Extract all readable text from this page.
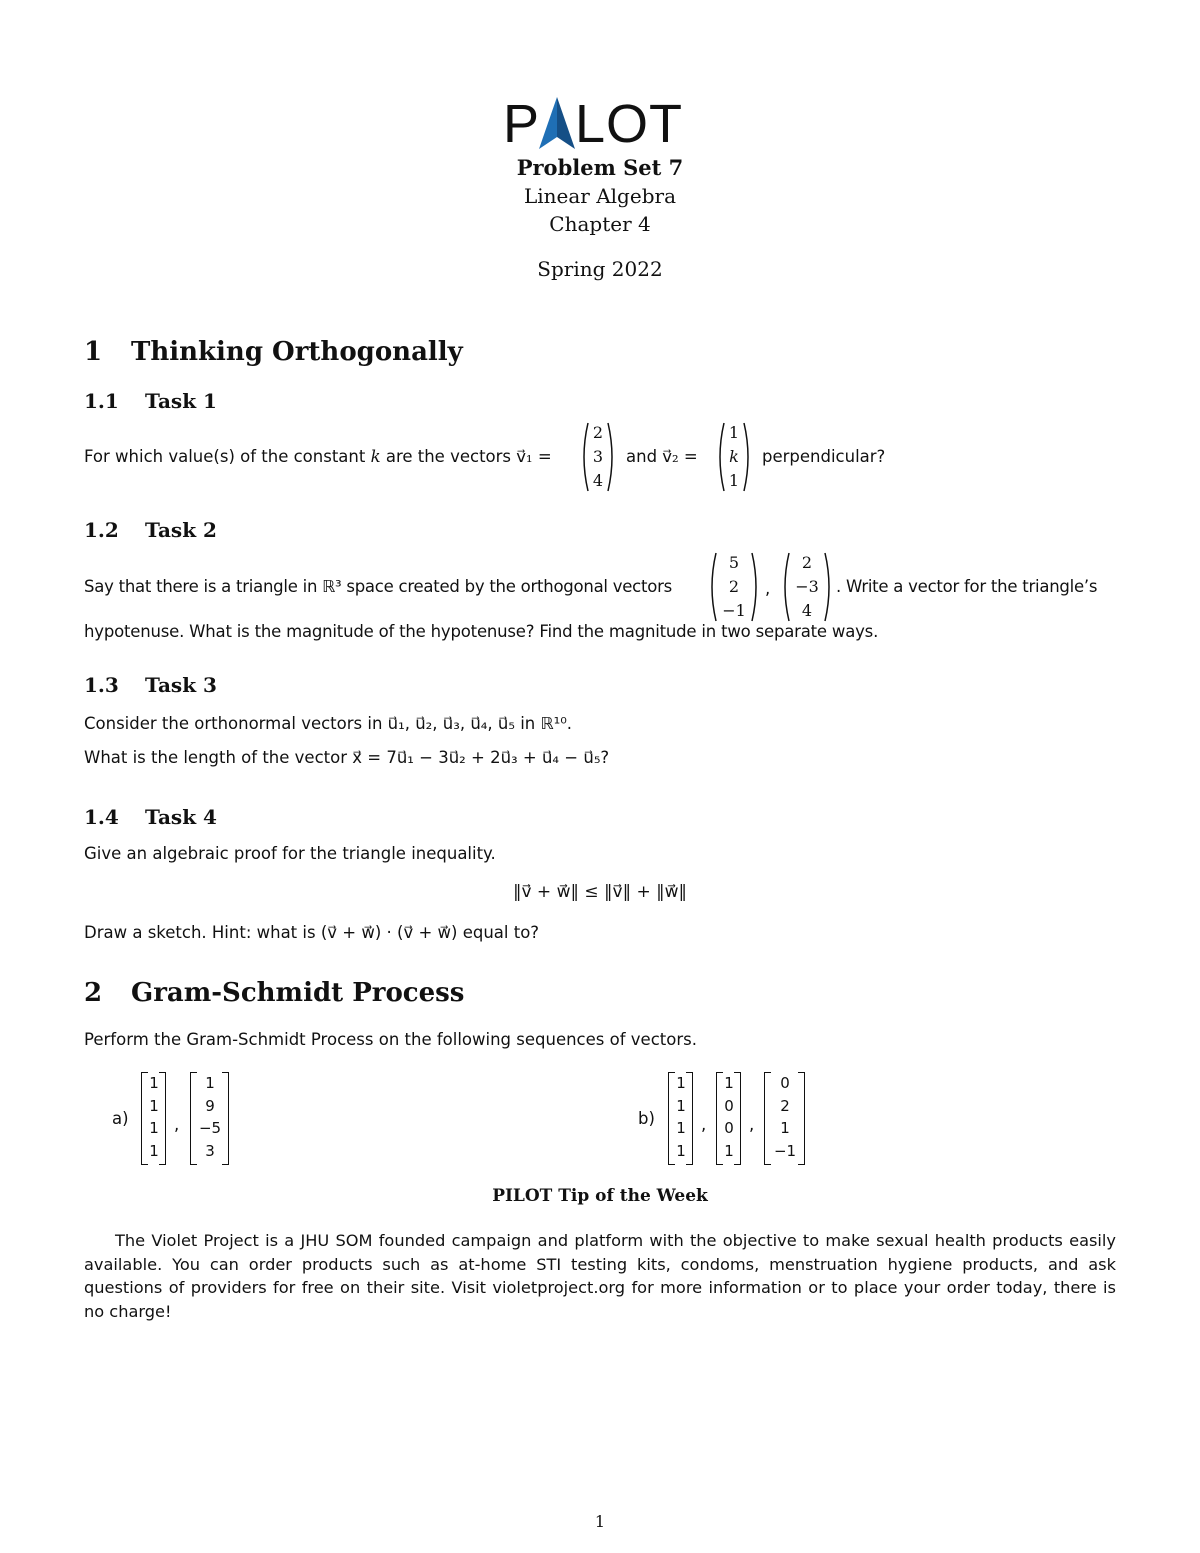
P LOT
Problem Set 7
Linear Algebra
Chapter 4
Spring 2022
1 Thinking Orthogonally
1.1 Task 1
For which value(s) of the constant k are the vectors v⃗₁ =
2
3
4
and v⃗₂ =
1
k
1
perpendicular?
1.2 Task 2
Say that there is a triangle in ℝ³ space created by the orthogonal vectors
5
2
−1
,
2
−3
4
. Write a vector for the triangle’s
hypotenuse. What is the magnitude of the hypotenuse? Find the magnitude in two separate ways.
1.3 Task 3
Consider the orthonormal vectors in u⃗₁, u⃗₂, u⃗₃, u⃗₄, u⃗₅ in ℝ¹⁰.
What is the length of the vector x⃗ = 7u⃗₁ − 3u⃗₂ + 2u⃗₃ + u⃗₄ − u⃗₅?
1.4 Task 4
Give an algebraic proof for the triangle inequality.
‖v⃗ + w⃗‖ ≤ ‖v⃗‖ + ‖w⃗‖
Draw a sketch. Hint: what is (v⃗ + w⃗) · (v⃗ + w⃗) equal to?
2 Gram-Schmidt Process
Perform the Gram-Schmidt Process on the following sequences of vectors.
a)
1
1
1
1
,
1
9
−5
3
b)
1
1
1
1
,
1
0
0
1
,
0
2
1
−1
PILOT Tip of the Week
The Violet Project is a JHU SOM founded campaign and platform with the objective to make sexual health products easily available. You can order products such as at-home STI testing kits, condoms, menstruation hygiene products, and ask questions of providers for free on their site. Visit violetproject.org for more information or to place your order today, there is no charge!
1
